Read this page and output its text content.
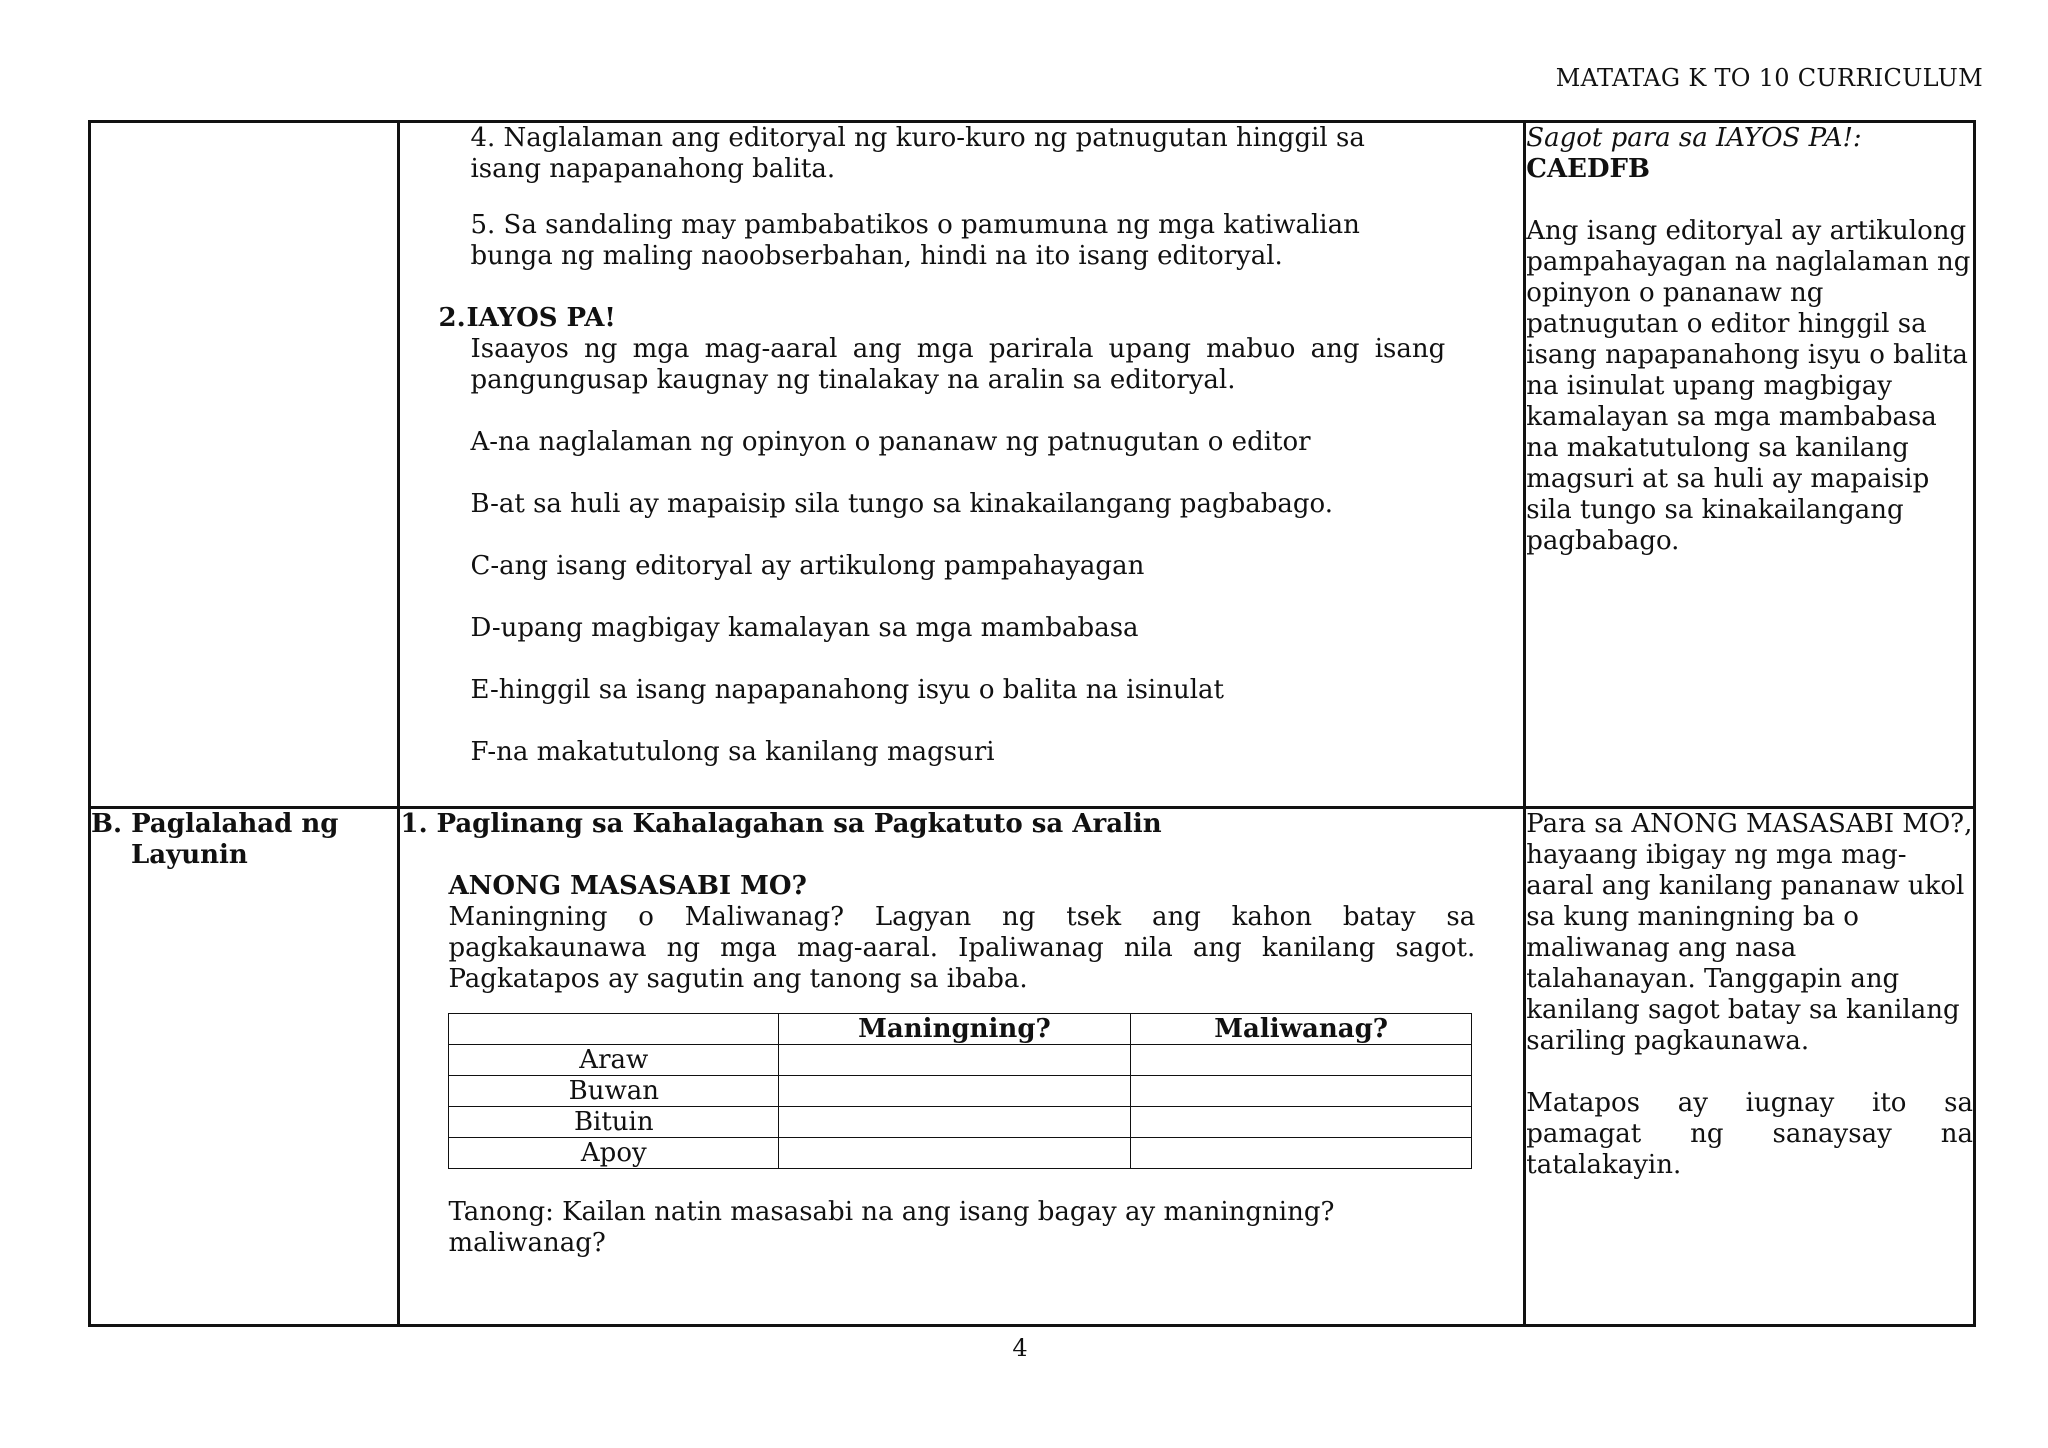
MATATAG K TO 10 CURRICULUM

4. Naglalaman ang editoryal ng kuro-kuro ng patnugutan hinggil sa isang napapanahong balita.

5. Sa sandaling may pambabatikos o pamumuna ng mga katiwalian bunga ng maling naoobserbahan, hindi na ito isang editoryal.

2.IAYOS PA!

Isaayos ng mga mag-aaral ang mga parirala upang mabuo ang isang pangungusap kaugnay ng tinalakay na aralin sa editoryal.

A-na naglalaman ng opinyon o pananaw ng patnugutan o editor

B-at sa huli ay mapaisip sila tungo sa kinakailangang pagbabago.

C-ang isang editoryal ay artikulong pampahayagan

D-upang magbigay kamalayan sa mga mambabasa

E-hinggil sa isang napapanahong isyu o balita na isinulat

F-na makatutulong sa kanilang magsuri

Sagot para sa IAYOS PA!:

CAEDFB

Ang isang editoryal ay artikulong pampahayagan na naglalaman ng opinyon o pananaw ng patnugutan o editor hinggil sa isang napapanahong isyu o balita na isinulat upang magbigay kamalayan sa mga mambabasa na makatutulong sa kanilang magsuri at sa huli ay mapaisip sila tungo sa kinakailangang pagbabago.

B. Paglalahad ng
Layunin

1. Paglinang sa Kahalagahan sa Pagkatuto sa Aralin

ANONG MASASABI MO?

Maningning o Maliwanag? Lagyan ng tsek ang kahon batay sa pagkakaunawa ng mga mag-aaral. Ipaliwanag nila ang kanilang sagot. Pagkatapos ay sagutin ang tanong sa ibaba.

	Maningning?	Maliwanag?
Araw		
Buwan		
Bituin		
Apoy		

Tanong: Kailan natin masasabi na ang isang bagay ay maningning? maliwanag?

Para sa ANONG MASASABI MO?, hayaang ibigay ng mga mag-aaral ang kanilang pananaw ukol sa kung maningning ba o maliwanag ang nasa talahanayan. Tanggapin ang kanilang sagot batay sa kanilang sariling pagkaunawa.

Matapos ay iugnay ito sa pamagat ng sanaysay na tatalakayin.

4
